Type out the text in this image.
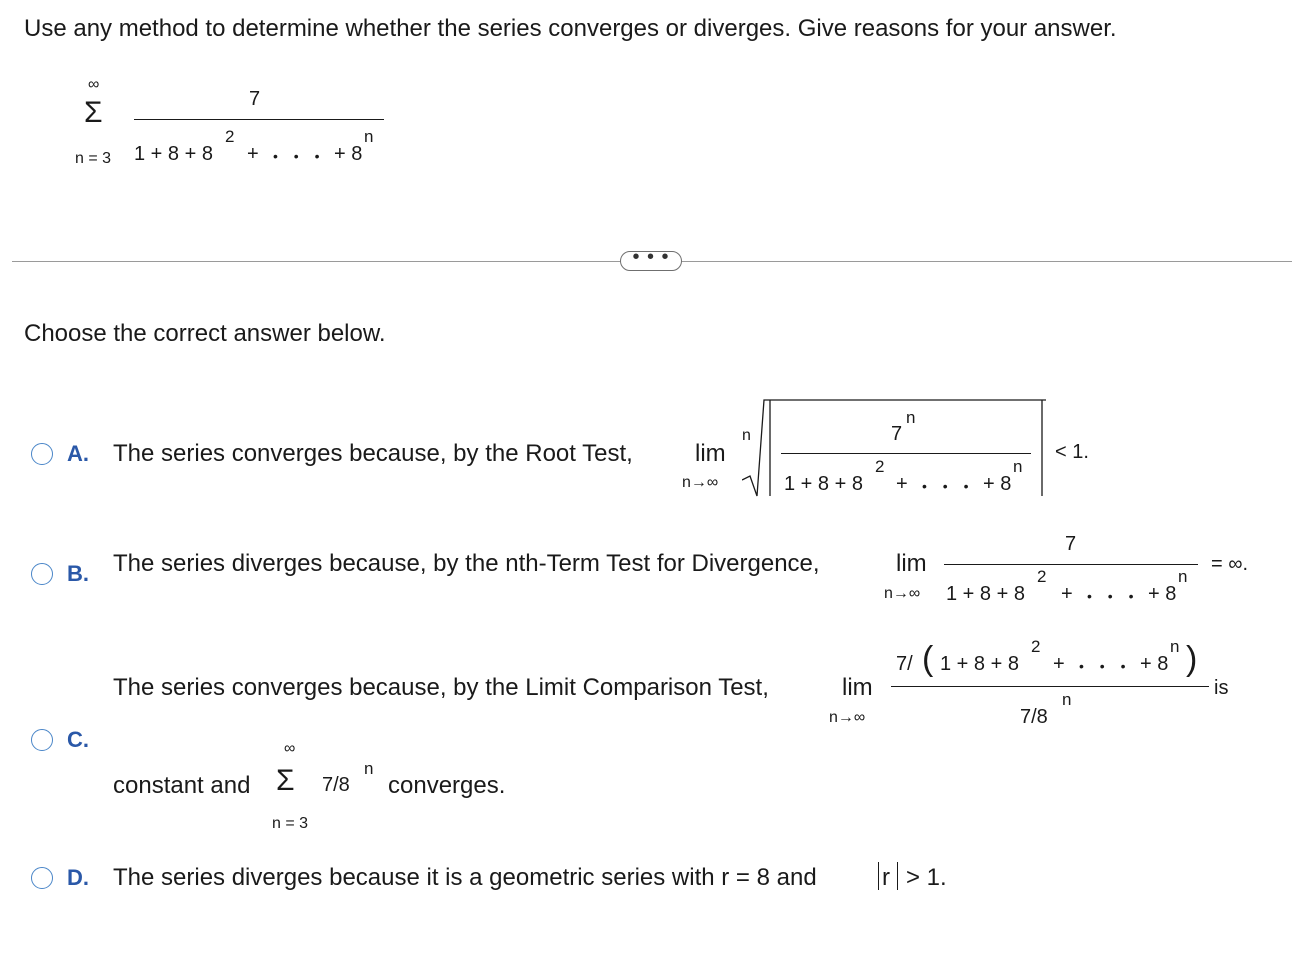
Use any method to determine whether the series converges or diverges. Give reasons for your answer.
∞
Σ
n = 3
7
1 + 8 + 8
2
+ • • • + 8
n
• • •
Choose the correct answer below.
A. The series converges because, by the Root Test,	lim
n→∞
n	7
n
1 + 8 + 8
2
+ • • • + 8
n
< 1.
B. The series diverges because, by the nth-Term Test for Divergence,	lim
n→∞
7
1 + 8 + 8
2
+ • • • + 8
n
= ∞.
C.
The series converges because, by the Limit Comparison Test,	lim
n→∞
7/ ( 1 + 8 + 8
2
+ • • • + 8
n )
7/8
n
is
constant and
∞
Σ
n = 3
7/8
n
converges.
D. The series diverges because it is a geometric series with r = 8 and	r > 1.
